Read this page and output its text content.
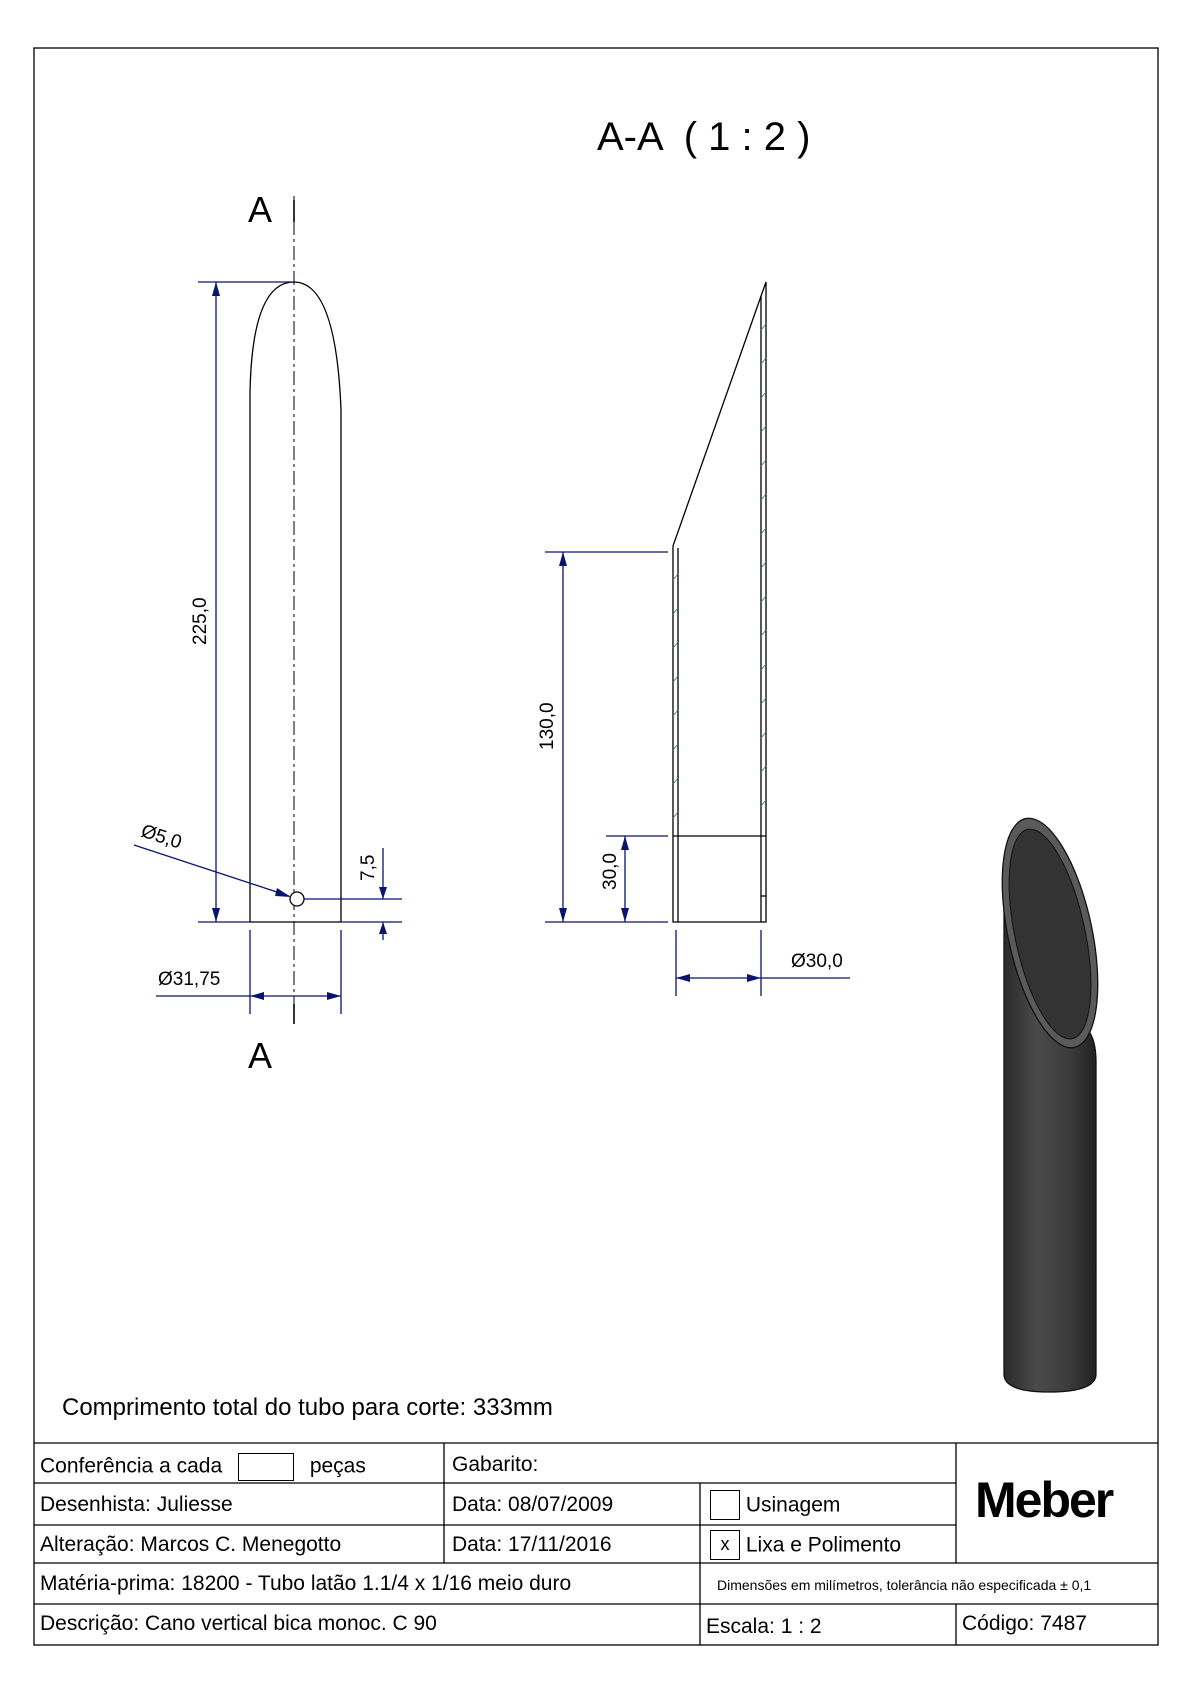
A-A  ( 1 : 2 )
A
A
225,0
Ø5,0
7,5
Ø31,75
130,0
30,0
Ø30,0
Comprimento total do tubo para corte: 333mm
Conferência a cada	peças	Gabarito:
Desenhista: Juliesse	Data: 08/07/2009	Usinagem
Alteração: Marcos C. Menegotto	Data: 17/11/2016	x Lixa e Polimento
Matéria-prima: 18200 - Tubo latão 1.1/4 x 1/16 meio duro	Dimensões em milímetros, tolerância não especificada ± 0,1
Descrição: Cano vertical bica monoc. C 90	Escala: 1 : 2	Código: 7487
Meber
